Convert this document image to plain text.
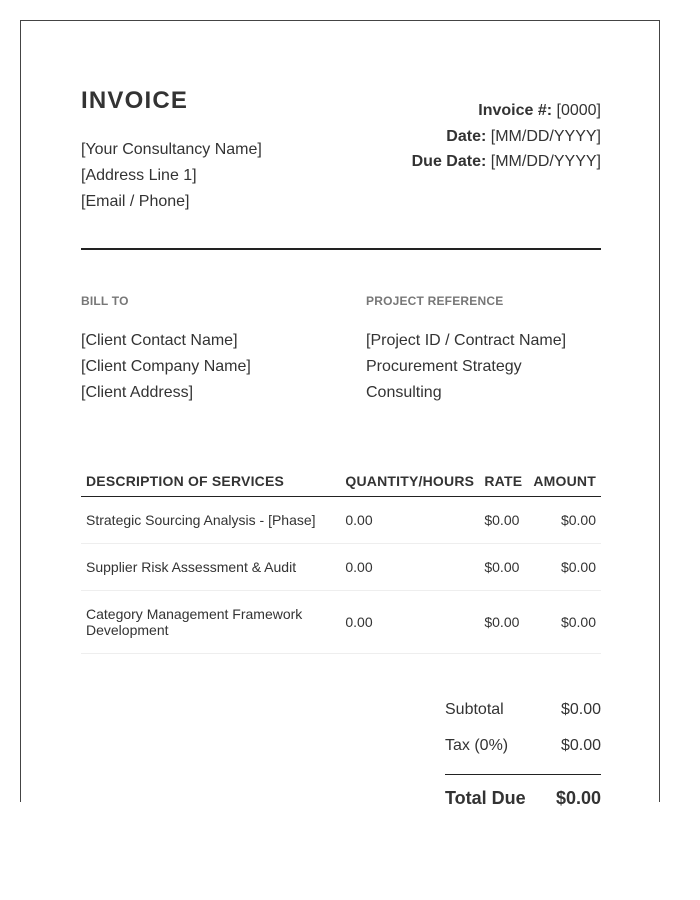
INVOICE
[Your Consultancy Name]
[Address Line 1]
[Email / Phone]
Invoice #: [0000]
Date: [MM/DD/YYYY]
Due Date: [MM/DD/YYYY]
BILL TO
[Client Contact Name]
[Client Company Name]
[Client Address]
PROJECT REFERENCE
[Project ID / Contract Name]
Procurement Strategy Consulting
DESCRIPTION OF SERVICES	QUANTITY/HOURS	RATE	AMOUNT
Strategic Sourcing Analysis - [Phase]	0.00	$0.00	$0.00
Supplier Risk Assessment & Audit	0.00	$0.00	$0.00
Category Management Framework Development	0.00	$0.00	$0.00
Subtotal	$0.00
Tax (0%)	$0.00
Total Due $0.00
